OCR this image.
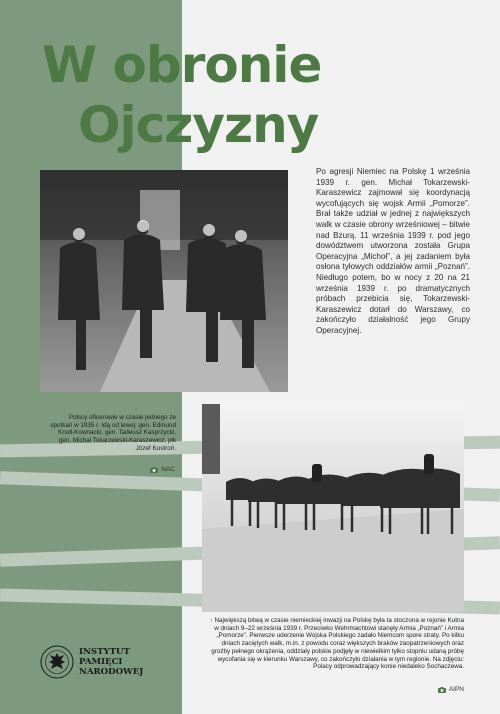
W obronie
Ojczyzny

Po agresji Niemiec na Polskę 1 września 1939 r. gen. Michał Tokarzewski-Karaszewicz zajmował się koordynacją wycofujących się wojsk Armii „Pomorze”. Brał także udział w jednej z największych walk w czasie obrony wrześniowej – bitwie nad Bzurą. 11 września 1939 r. pod jego dowództwem utworzona została Grupa Operacyjna „Michoł”, a jej zadaniem była osłona tyłowych oddziałów armii „Poznań”. Niedługo potem, bo w nocy z 20 na 21 września 1939 r. po dramatycznych próbach przebicia się, Tokarzewski-Karaszewicz dotarł do Warszawy, co zakończyło działalność jego Grupy Operacyjnej.

↑ Polscy oficerowie w czasie jednego ze spotkań w 1935 r. Idą od lewej: gen. Edmund Knoll-Kownacki, gen. Tadeusz Kasprzycki, gen. Michał Tokarzewski-Karaszewicz, płk Józef Kustroń.

NAC

↑ Największą bitwą w czasie niemieckiej inwazji na Polskę była ta stoczona w rejonie Kutna w dniach 9–22 września 1939 r. Przeciwko Wehrmachtowi stanęły Armia „Poznań” i Armia „Pomorze”. Pierwsze uderzenie Wojska Polskiego zadało Niemcom spore straty. Po kilku dniach zaciętych walk, m.in. z powodu coraz większych braków zaopatrzeniowych oraz groźby pełnego okrążenia, oddziały polskie podjęły w niewielkim tylko stopniu udaną próbę wycofania się w kierunku Warszawy, co zakończyło działania w tym regionie. Na zdjęciu: Polacy odprowadzający konie niedaleko Sochaczewa.

AIPN
INSTYTUT
PAMIĘCI
NARODOWEJ
